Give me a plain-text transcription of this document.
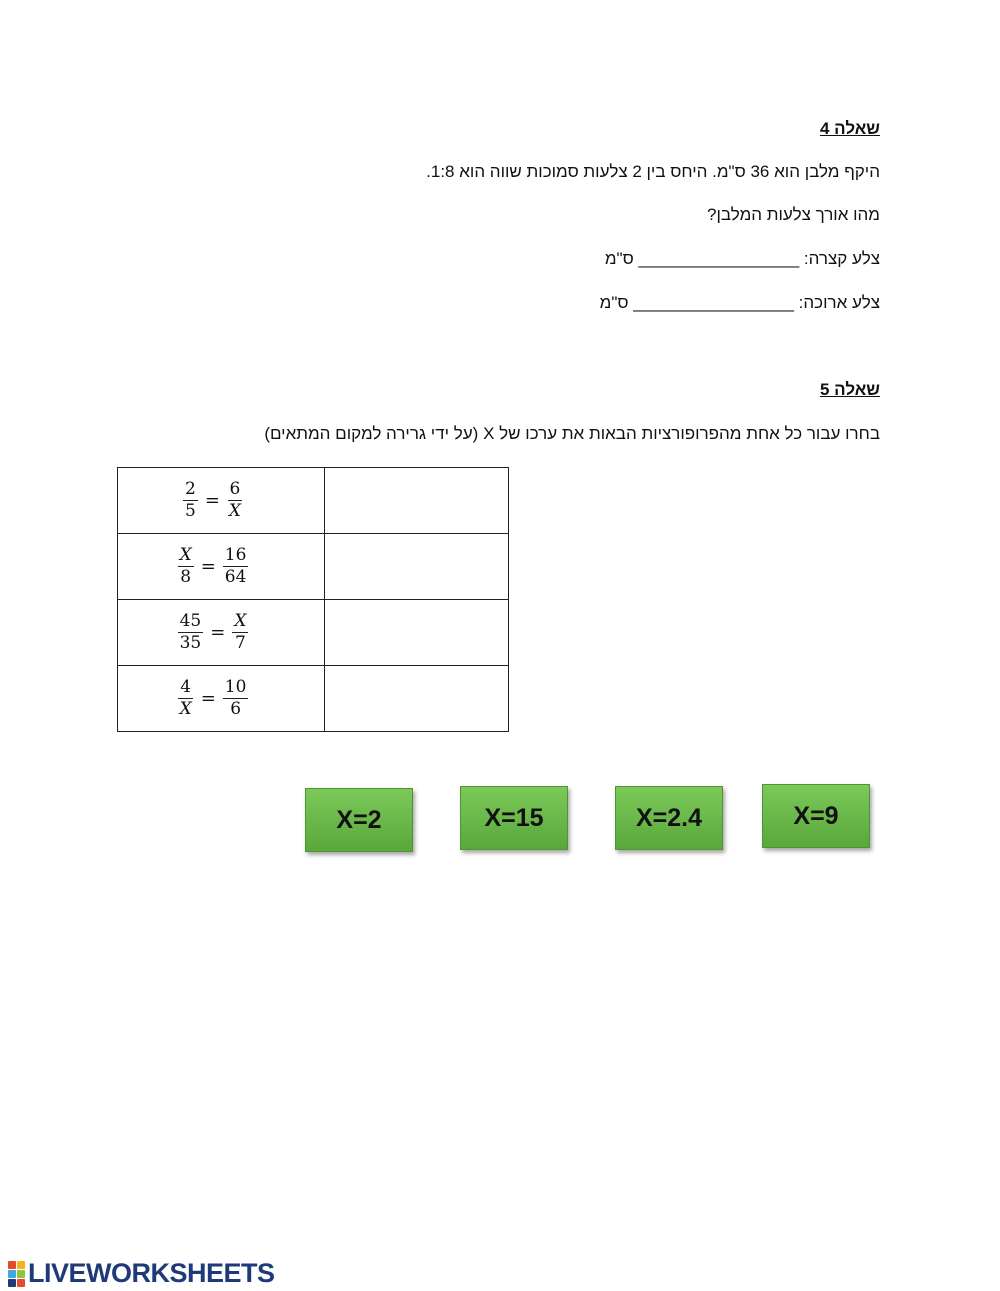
שאלה 4
היקף מלבן הוא 36 ס"מ. היחס בין 2 צלעות סמוכות שווה הוא 1:8.
מהו אורך צלעות המלבן?
צלע קצרה: _________________ ס"מ
צלע ארוכה: _________________ ס"מ
שאלה 5
בחרו עבור כל אחת מהפרופורציות הבאות את ערכו של X (על ידי גרירה למקום המתאים)
$\frac{2}{5} = \frac{6}{X}$

$\frac{X}{8} = \frac{16}{64}$

$\frac{45}{35} = \frac{X}{7}$

$\frac{4}{X} = \frac{10}{6}$

X=2	X=15	X=2.4	X=9
LIVEWORKSHEETS
